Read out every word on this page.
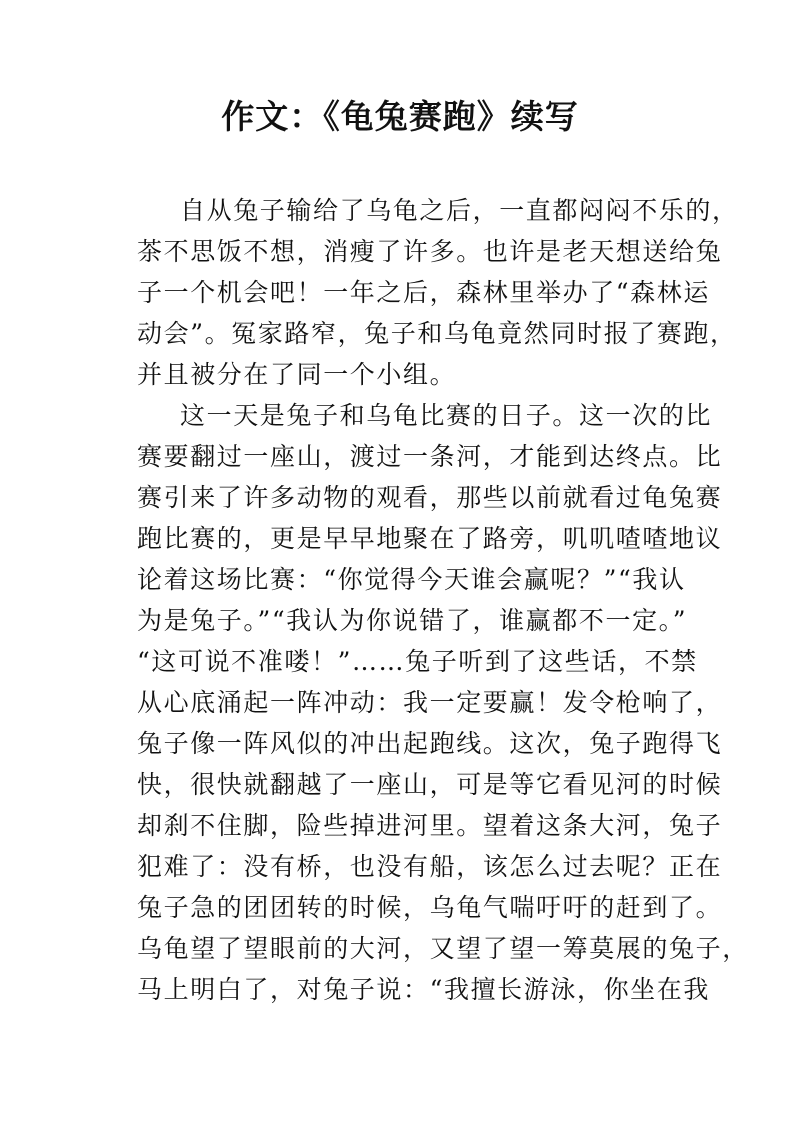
作文：《龟兔赛跑》续写
自从兔子输给了乌龟之后，一直都闷闷不乐的，
茶不思饭不想，消瘦了许多。也许是老天想送给兔
子一个机会吧！一年之后，森林里举办了“森林运
动会”。冤家路窄，兔子和乌龟竟然同时报了赛跑，
并且被分在了同一个小组。
这一天是兔子和乌龟比赛的日子。这一次的比
赛要翻过一座山，渡过一条河，才能到达终点。比
赛引来了许多动物的观看，那些以前就看过龟兔赛
跑比赛的，更是早早地聚在了路旁，叽叽喳喳地议
论着这场比赛：“你觉得今天谁会赢呢？”“我认
为是兔子。”“我认为你说错了，谁赢都不一定。”
“这可说不准喽！”……兔子听到了这些话，不禁
从心底涌起一阵冲动：我一定要赢！发令枪响了，
兔子像一阵风似的冲出起跑线。这次，兔子跑得飞
快，很快就翻越了一座山，可是等它看见河的时候
却刹不住脚，险些掉进河里。望着这条大河，兔子
犯难了：没有桥，也没有船，该怎么过去呢？正在
兔子急的团团转的时候，乌龟气喘吁吁的赶到了。
乌龟望了望眼前的大河，又望了望一筹莫展的兔子，
马上明白了，对兔子说：“我擅长游泳，你坐在我
